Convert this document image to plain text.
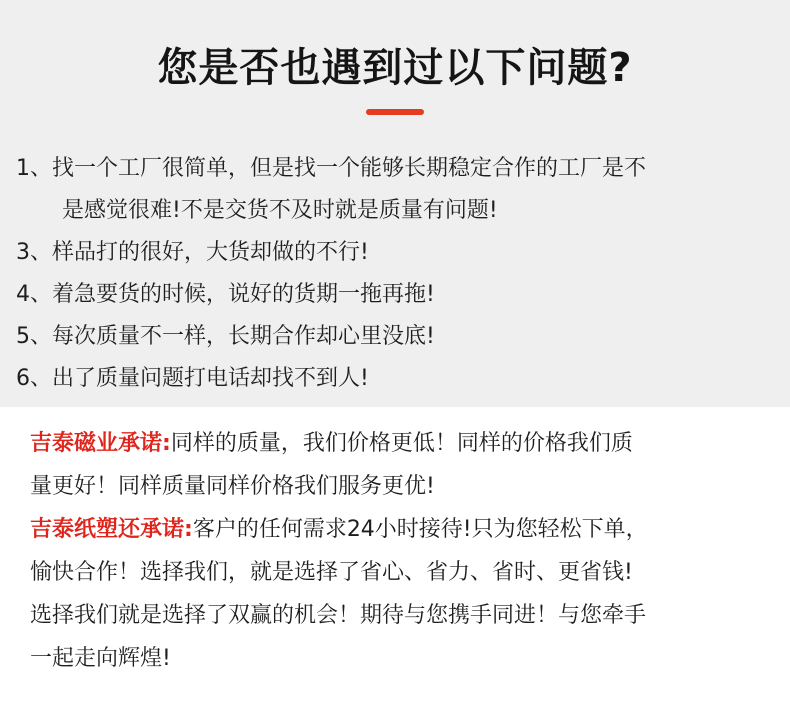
您是否也遇到过以下问题?
1、找一个工厂很简单，但是找一个能够长期稳定合作的工厂是不
是感觉很难!不是交货不及时就是质量有问题!
3、样品打的很好，大货却做的不行!
4、着急要货的时候，说好的货期一拖再拖!
5、每次质量不一样，长期合作却心里没底!
6、出了质量问题打电话却找不到人!
吉泰磁业承诺:同样的质量，我们价格更低！同样的价格我们质
量更好！同样质量同样价格我们服务更优!
吉泰纸塑还承诺:客户的任何需求24小时接待!只为您轻松下单，
愉快合作！选择我们，就是选择了省心、省力、省时、更省钱!
选择我们就是选择了双赢的机会！期待与您携手同进！与您牵手
一起走向辉煌!
